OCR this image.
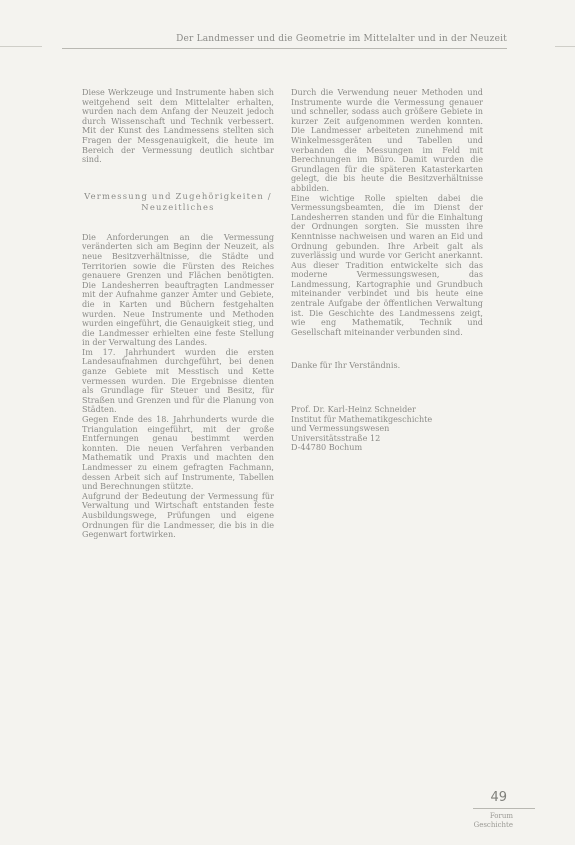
Der Landmesser und die Geometrie im Mittelalter und in der Neuzeit

Diese Werkzeuge und Instrumente haben sich weitgehend seit dem Mittelalter erhalten, wurden nach dem Anfang der Neuzeit jedoch durch Wissenschaft und Technik verbessert. Mit der Kunst des Landmessens stellten sich Fragen der Messgenauigkeit, die heute im Bereich der Vermessung deutlich sichtbar sind.

Vermessung und Zugehörigkeiten / Neuzeitliches

Die Anforderungen an die Vermessung veränderten sich am Beginn der Neuzeit, als neue Besitzverhältnisse, die Städte und Territorien sowie die Fürsten des Reiches genauere Grenzen und Flächen benötigten. Die Landesherren beauftragten Landmesser mit der Aufnahme ganzer Ämter und Gebiete, die in Karten und Büchern festgehalten wurden. Neue Instrumente und Methoden wurden eingeführt, die Genauigkeit stieg, und die Landmesser erhielten eine feste Stellung in der Verwaltung des Landes.

Im 17. Jahrhundert wurden die ersten Landesaufnahmen durchgeführt, bei denen ganze Gebiete mit Messtisch und Kette vermessen wurden. Die Ergebnisse dienten als Grundlage für Steuer und Besitz, für Straßen und Grenzen und für die Planung von Städten.

Gegen Ende des 18. Jahrhunderts wurde die Triangulation eingeführt, mit der große Entfernungen genau bestimmt werden konnten. Die neuen Verfahren verbanden Mathematik und Praxis und machten den Landmesser zu einem gefragten Fachmann, dessen Arbeit sich auf Instrumente, Tabellen und Berechnungen stützte.

Aufgrund der Bedeutung der Vermessung für Verwaltung und Wirtschaft entstanden feste Ausbildungswege, Prüfungen und eigene Ordnungen für die Landmesser, die bis in die Gegenwart fortwirken.

Durch die Verwendung neuer Methoden und Instrumente wurde die Vermessung genauer und schneller, sodass auch größere Gebiete in kurzer Zeit aufgenommen werden konnten. Die Landmesser arbeiteten zunehmend mit Winkelmessgeräten und Tabellen und verbanden die Messungen im Feld mit Berechnungen im Büro. Damit wurden die Grundlagen für die späteren Katasterkarten gelegt, die bis heute die Besitzverhältnisse abbilden.

Eine wichtige Rolle spielten dabei die Vermessungsbeamten, die im Dienst der Landesherren standen und für die Einhaltung der Ordnungen sorgten. Sie mussten ihre Kenntnisse nachweisen und waren an Eid und Ordnung gebunden. Ihre Arbeit galt als zuverlässig und wurde vor Gericht anerkannt. Aus dieser Tradition entwickelte sich das moderne Vermessungswesen, das Landmessung, Kartographie und Grundbuch miteinander verbindet und bis heute eine zentrale Aufgabe der öffentlichen Verwaltung ist. Die Geschichte des Landmessens zeigt, wie eng Mathematik, Technik und Gesellschaft miteinander verbunden sind.

Danke für Ihr Verständnis.

Prof. Dr. Karl-Heinz Schneider
Institut für Mathematikgeschichte
und Vermessungswesen
Universitätsstraße 12
D-44780 Bochum

49
Forum Geschichte
